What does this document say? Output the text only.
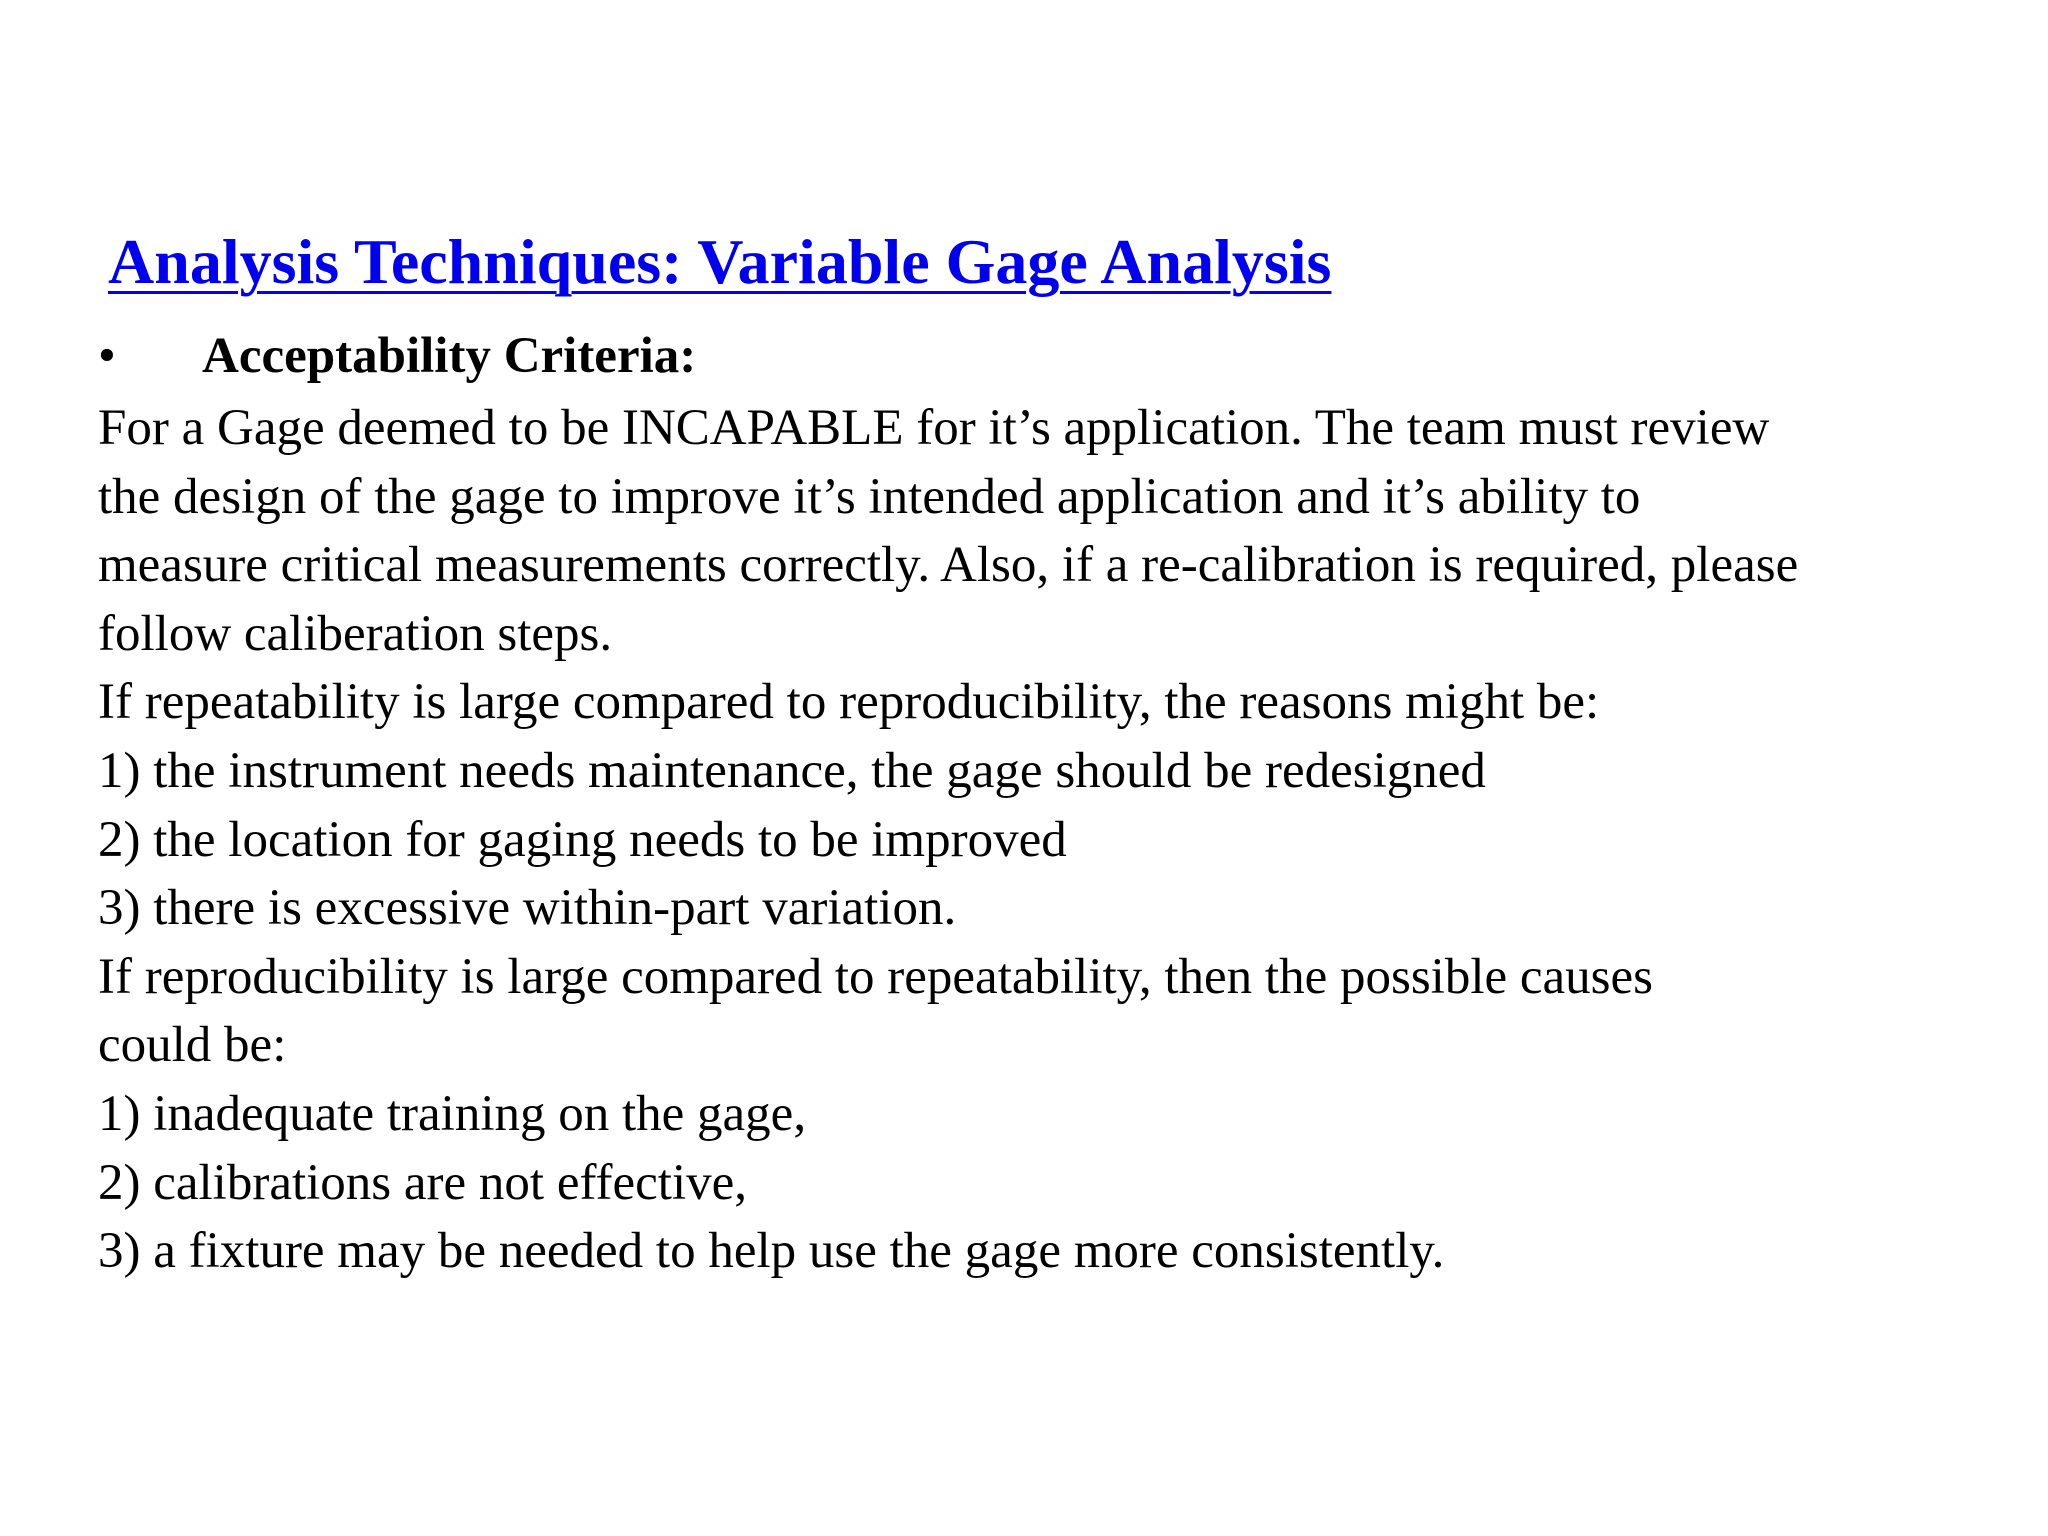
Analysis Techniques: Variable Gage Analysis
• Acceptability Criteria:
For a Gage deemed to be INCAPABLE for it’s application. The team must review
the design of the gage to improve it’s intended application and it’s ability to
measure critical measurements correctly. Also, if a re-calibration is required, please
follow caliberation steps.
If repeatability is large compared to reproducibility, the reasons might be:
1) the instrument needs maintenance, the gage should be redesigned
2) the location for gaging needs to be improved
3) there is excessive within-part variation.
If reproducibility is large compared to repeatability, then the possible causes
could be:
1) inadequate training on the gage,
2) calibrations are not effective,
3) a fixture may be needed to help use the gage more consistently.
